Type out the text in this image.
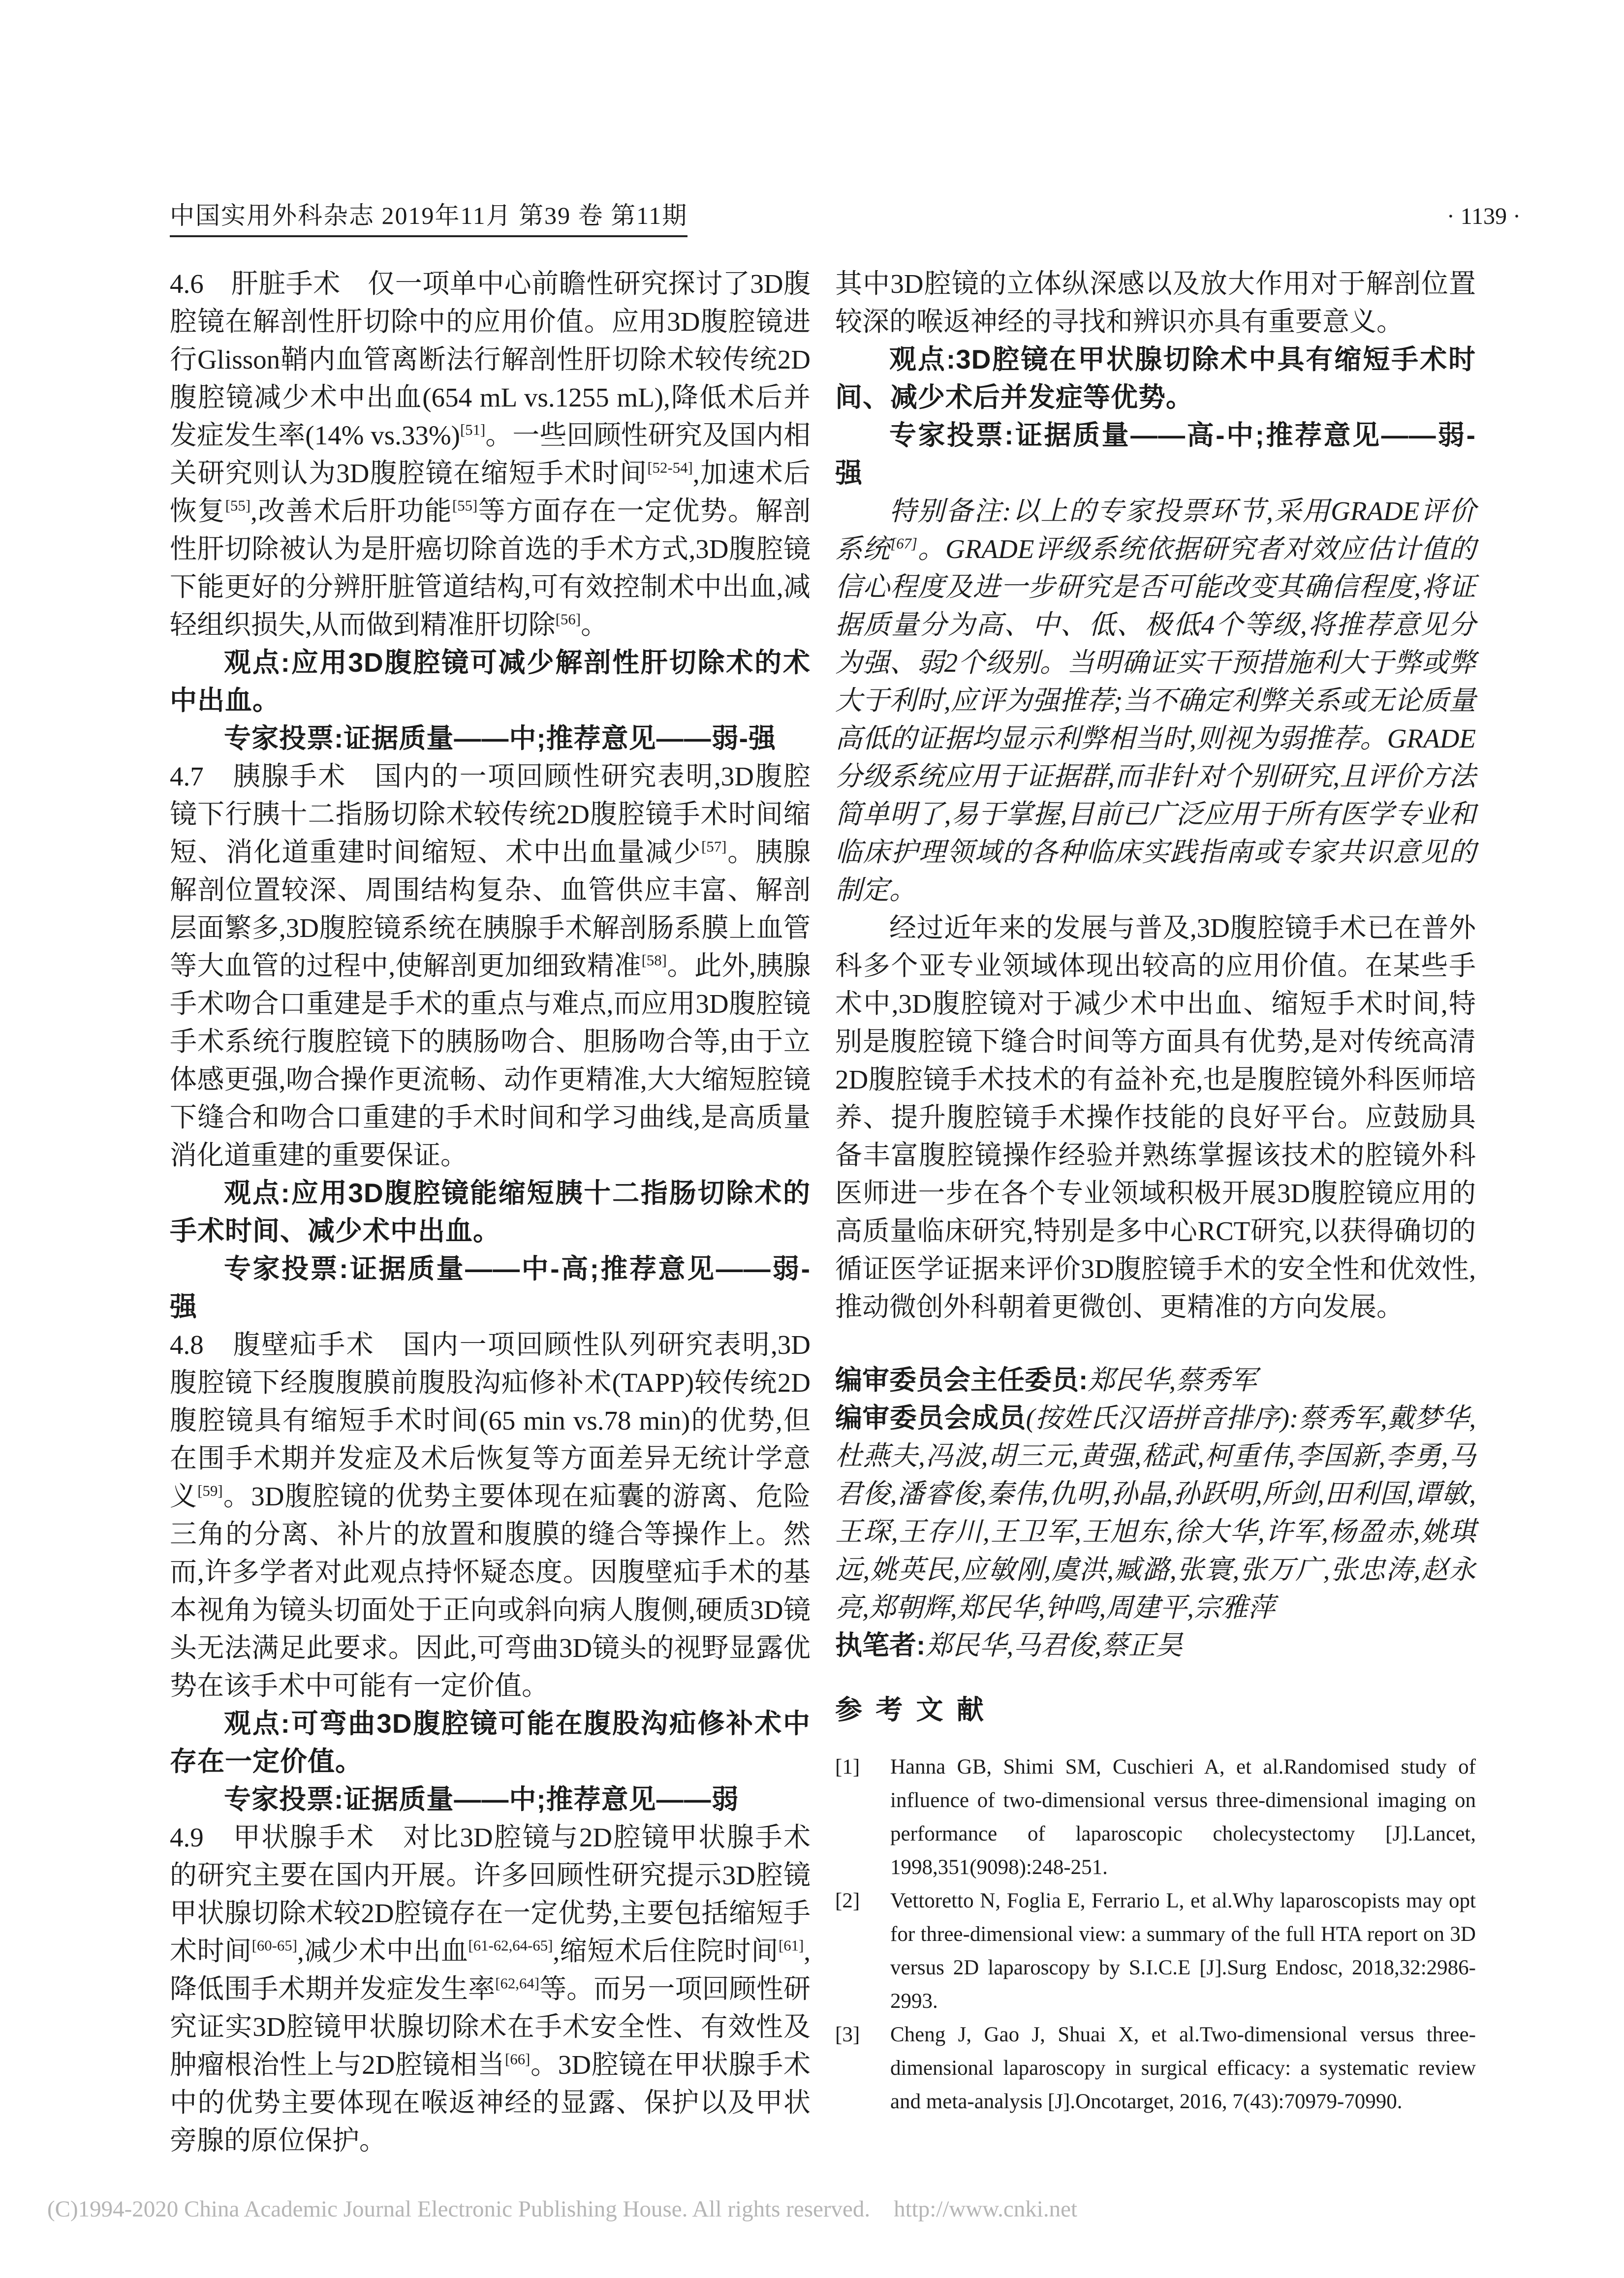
中国实用外科杂志 2019年11月 第39 卷 第11期	· 1139 ·

4.6　肝脏手术　仅一项单中心前瞻性研究探讨了3D腹腔镜在解剖性肝切除中的应用价值。应用3D腹腔镜进行Glisson鞘内血管离断法行解剖性肝切除术较传统2D腹腔镜减少术中出血(654 mL vs.1255 mL),降低术后并发症发生率(14% vs.33%)[51]。一些回顾性研究及国内相关研究则认为3D腹腔镜在缩短手术时间[52-54],加速术后恢复[55],改善术后肝功能[55]等方面存在一定优势。解剖性肝切除被认为是肝癌切除首选的手术方式,3D腹腔镜下能更好的分辨肝脏管道结构,可有效控制术中出血,减轻组织损失,从而做到精准肝切除[56]。

观点:应用3D腹腔镜可减少解剖性肝切除术的术中出血。

专家投票:证据质量——中;推荐意见——弱-强

4.7　胰腺手术　国内的一项回顾性研究表明,3D腹腔镜下行胰十二指肠切除术较传统2D腹腔镜手术时间缩短、消化道重建时间缩短、术中出血量减少[57]。胰腺解剖位置较深、周围结构复杂、血管供应丰富、解剖层面繁多,3D腹腔镜系统在胰腺手术解剖肠系膜上血管等大血管的过程中,使解剖更加细致精准[58]。此外,胰腺手术吻合口重建是手术的重点与难点,而应用3D腹腔镜手术系统行腹腔镜下的胰肠吻合、胆肠吻合等,由于立体感更强,吻合操作更流畅、动作更精准,大大缩短腔镜下缝合和吻合口重建的手术时间和学习曲线,是高质量消化道重建的重要保证。

观点:应用3D腹腔镜能缩短胰十二指肠切除术的手术时间、减少术中出血。

专家投票:证据质量——中-高;推荐意见——弱-强

4.8　腹壁疝手术　国内一项回顾性队列研究表明,3D腹腔镜下经腹腹膜前腹股沟疝修补术(TAPP)较传统2D腹腔镜具有缩短手术时间(65 min vs.78 min)的优势,但在围手术期并发症及术后恢复等方面差异无统计学意义[59]。3D腹腔镜的优势主要体现在疝囊的游离、危险三角的分离、补片的放置和腹膜的缝合等操作上。然而,许多学者对此观点持怀疑态度。因腹壁疝手术的基本视角为镜头切面处于正向或斜向病人腹侧,硬质3D镜头无法满足此要求。因此,可弯曲3D镜头的视野显露优势在该手术中可能有一定价值。

观点:可弯曲3D腹腔镜可能在腹股沟疝修补术中存在一定价值。

专家投票:证据质量——中;推荐意见——弱

4.9　甲状腺手术　对比3D腔镜与2D腔镜甲状腺手术的研究主要在国内开展。许多回顾性研究提示3D腔镜甲状腺切除术较2D腔镜存在一定优势,主要包括缩短手术时间[60-65],减少术中出血[61-62,64-65],缩短术后住院时间[61],降低围手术期并发症发生率[62,64]等。而另一项回顾性研究证实3D腔镜甲状腺切除术在手术安全性、有效性及肿瘤根治性上与2D腔镜相当[66]。3D腔镜在甲状腺手术中的优势主要体现在喉返神经的显露、保护以及甲状旁腺的原位保护。

其中3D腔镜的立体纵深感以及放大作用对于解剖位置较深的喉返神经的寻找和辨识亦具有重要意义。

观点:3D腔镜在甲状腺切除术中具有缩短手术时间、减少术后并发症等优势。

专家投票:证据质量——高-中;推荐意见——弱-强

特别备注:以上的专家投票环节,采用GRADE评价系统[67]。GRADE评级系统依据研究者对效应估计值的信心程度及进一步研究是否可能改变其确信程度,将证据质量分为高、中、低、极低4个等级,将推荐意见分为强、弱2个级别。当明确证实干预措施利大于弊或弊大于利时,应评为强推荐;当不确定利弊关系或无论质量高低的证据均显示利弊相当时,则视为弱推荐。GRADE分级系统应用于证据群,而非针对个别研究,且评价方法简单明了,易于掌握,目前已广泛应用于所有医学专业和临床护理领域的各种临床实践指南或专家共识意见的制定。

经过近年来的发展与普及,3D腹腔镜手术已在普外科多个亚专业领域体现出较高的应用价值。在某些手术中,3D腹腔镜对于减少术中出血、缩短手术时间,特别是腹腔镜下缝合时间等方面具有优势,是对传统高清2D腹腔镜手术技术的有益补充,也是腹腔镜外科医师培养、提升腹腔镜手术操作技能的良好平台。应鼓励具备丰富腹腔镜操作经验并熟练掌握该技术的腔镜外科医师进一步在各个专业领域积极开展3D腹腔镜应用的高质量临床研究,特别是多中心RCT研究,以获得确切的循证医学证据来评价3D腹腔镜手术的安全性和优效性,推动微创外科朝着更微创、更精准的方向发展。

编审委员会主任委员:郑民华,蔡秀军

编审委员会成员(按姓氏汉语拼音排序):蔡秀军,戴梦华,杜燕夫,冯波,胡三元,黄强,嵇武,柯重伟,李国新,李勇,马君俊,潘睿俊,秦伟,仇明,孙晶,孙跃明,所剑,田利国,谭敏,王琛,王存川,王卫军,王旭东,徐大华,许军,杨盈赤,姚琪远,姚英民,应敏刚,虞洪,臧潞,张寰,张万广,张忠涛,赵永亮,郑朝辉,郑民华,钟鸣,周建平,宗雅萍

执笔者:郑民华,马君俊,蔡正昊

参 考 文 献

[1] Hanna GB, Shimi SM, Cuschieri A, et al.Randomised study of influence of two-dimensional versus three-dimensional imaging on performance of laparoscopic cholecystectomy [J].Lancet, 1998,351(9098):248-251.
[2] Vettoretto N, Foglia E, Ferrario L, et al.Why laparoscopists may opt for three-dimensional view: a summary of the full HTA report on 3D versus 2D laparoscopy by S.I.C.E [J].Surg Endosc, 2018,32:2986-2993.
[3] Cheng J, Gao J, Shuai X, et al.Two-dimensional versus three-dimensional laparoscopy in surgical efficacy: a systematic review and meta-analysis [J].Oncotarget, 2016, 7(43):70979-70990.
(C)1994-2020 China Academic Journal Electronic Publishing House. All rights reserved. http://www.cnki.net
